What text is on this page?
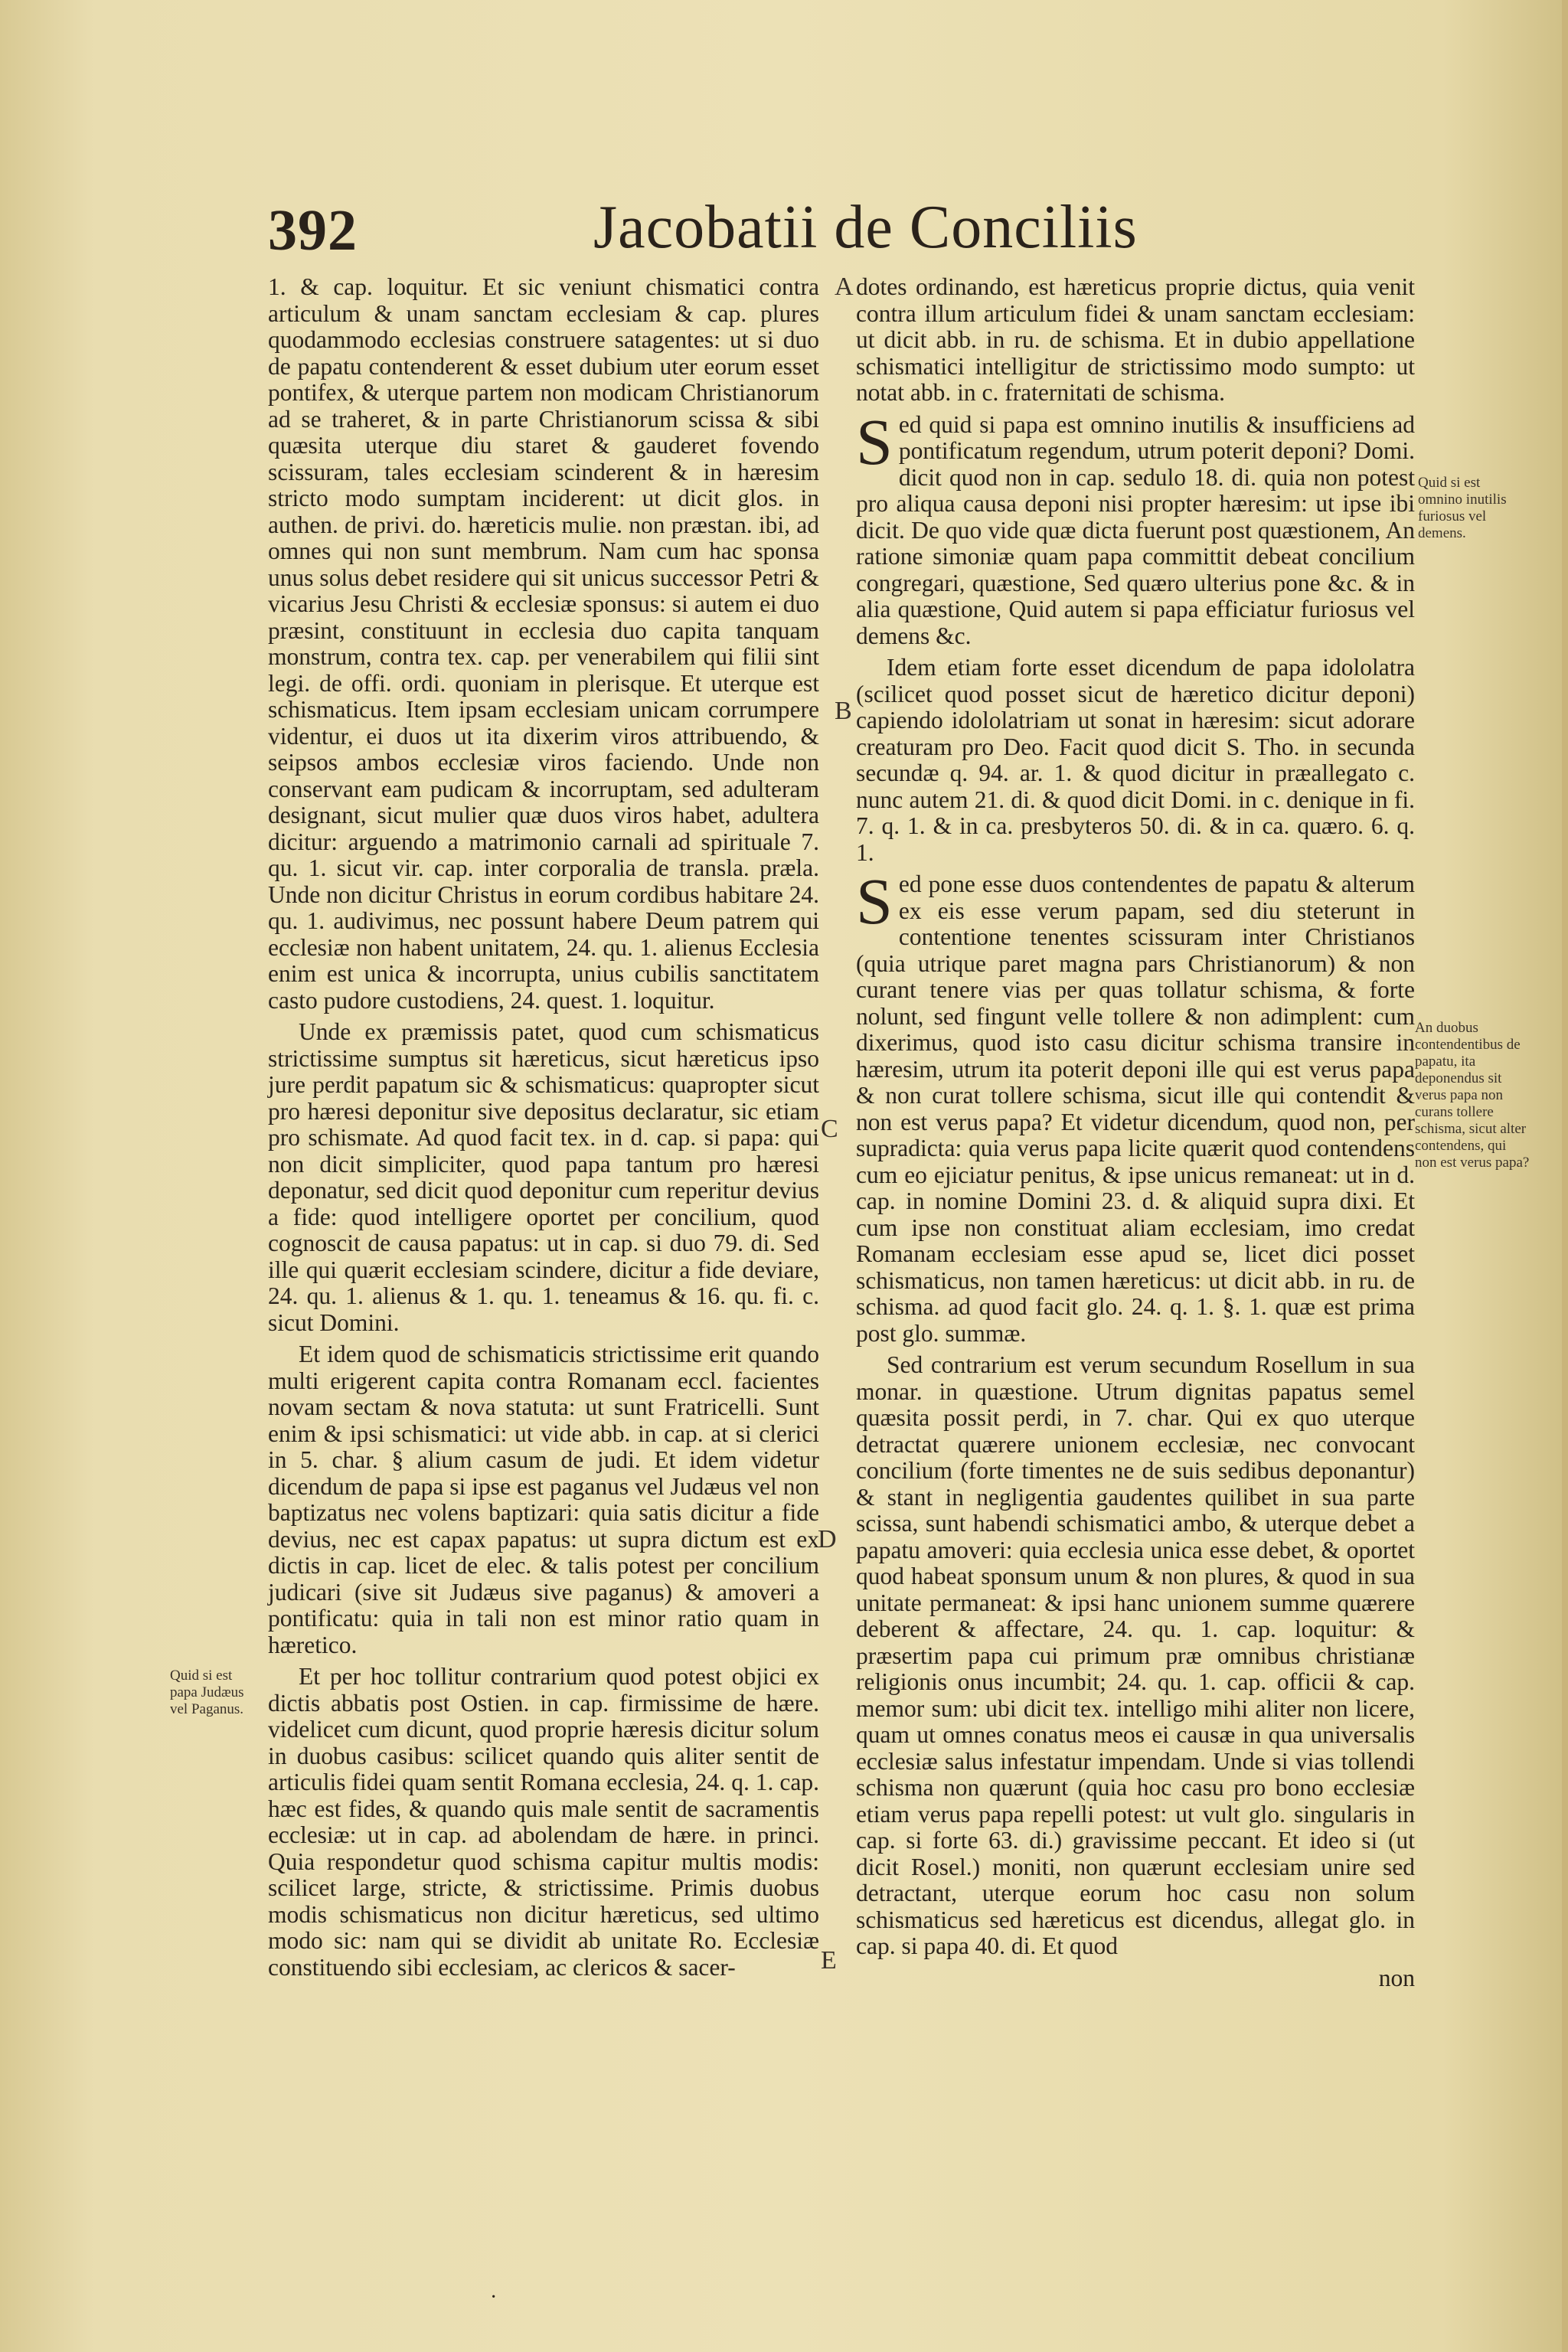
392	Jacobatii de Conciliis

1. & cap. loquitur. Et sic veniunt chismatici contra articulum & unam sanctam ecclesiam & cap. plures quodammodo ecclesias construere satagentes: ut si duo de papatu contenderent & esset dubium uter eorum esset pontifex, & uterque partem non modicam Christianorum ad se traheret, & in parte Christianorum scissa & sibi quæsita uterque diu staret & gauderet fovendo scissuram, tales ecclesiam scinderent & in hæresim stricto modo sumptam inciderent: ut dicit glos. in authen. de privi. do. hæreticis mulie. non præstan. ibi, ad omnes qui non sunt membrum. Nam cum hac sponsa unus solus debet residere qui sit unicus successor Petri & vicarius Jesu Christi & ecclesiæ sponsus: si autem ei duo præsint, constituunt in ecclesia duo capita tanquam monstrum, contra tex. cap. per venerabilem qui filii sint legi. de offi. ordi. quoniam in plerisque. Et uterque est schismaticus. Item ipsam ecclesiam unicam corrumpere videntur, ei duos ut ita dixerim viros attribuendo, & seipsos ambos ecclesiæ viros faciendo. Unde non conservant eam pudicam & incorruptam, sed adulteram designant, sicut mulier quæ duos viros habet, adultera dicitur: arguendo a matrimonio carnali ad spirituale 7. qu. 1. sicut vir. cap. inter corporalia de transla. præla. Unde non dicitur Christus in eorum cordibus habitare 24. qu. 1. audivimus, nec possunt habere Deum patrem qui ecclesiæ non habent unitatem, 24. qu. 1. alienus Ecclesia enim est unica & incorrupta, unius cubilis sanctitatem casto pudore custodiens, 24. quest. 1. loquitur.

Unde ex præmissis patet, quod cum schismaticus strictissime sumptus sit hæreticus, sicut hæreticus ipso jure perdit papatum sic & schismaticus: quapropter sicut pro hæresi deponitur sive depositus declaratur, sic etiam pro schismate. Ad quod facit tex. in d. cap. si papa: qui non dicit simpliciter, quod papa tantum pro hæresi deponatur, sed dicit quod deponitur cum reperitur devius a fide: quod intelligere oportet per concilium, quod cognoscit de causa papatus: ut in cap. si duo 79. di. Sed ille qui quærit ecclesiam scindere, dicitur a fide deviare, 24. qu. 1. alienus & 1. qu. 1. teneamus & 16. qu. fi. c. sicut Domini.

Et idem quod de schismaticis strictissime erit quando multi erigerent capita contra Romanam eccl. facientes novam sectam & nova statuta: ut sunt Fratricelli. Sunt enim & ipsi schismatici: ut vide abb. in cap. at si clerici in 5. char. § alium casum de judi. Et idem videtur dicendum de papa si ipse est paganus vel Judæus vel non baptizatus nec volens baptizari: quia satis dicitur a fide devius, nec est capax papatus: ut supra dictum est ex dictis in cap. licet de elec. & talis potest per concilium judicari (sive sit Judæus sive paganus) & amoveri a pontificatu: quia in tali non est minor ratio quam in hæretico.

Et per hoc tollitur contrarium quod potest objici ex dictis abbatis post Ostien. in cap. firmissime de hære. videlicet cum dicunt, quod proprie hæresis dicitur solum in duobus casibus: scilicet quando quis aliter sentit de articulis fidei quam sentit Romana ecclesia, 24. q. 1. cap. hæc est fides, & quando quis male sentit de sacramentis ecclesiæ: ut in cap. ad abolendam de hære. in princi. Quia respondetur quod schisma capitur multis modis: scilicet large, stricte, & strictissime. Primis duobus modis schismaticus non dicitur hæreticus, sed ultimo modo sic: nam qui se dividit ab unitate Ro. Ecclesiæ constituendo sibi ecclesiam, ac clericos & sacer-

dotes ordinando, est hæreticus proprie dictus, quia venit contra illum articulum fidei & unam sanctam ecclesiam: ut dicit abb. in ru. de schisma. Et in dubio appellatione schismatici intelligitur de strictissimo modo sumpto: ut notat abb. in c. fraternitati de schisma.

Sed quid si papa est omnino inutilis & insufficiens ad pontificatum regendum, utrum poterit deponi? Domi. dicit quod non in cap. sedulo 18. di. quia non potest pro aliqua causa deponi nisi propter hæresim: ut ipse ibi dicit. De quo vide quæ dicta fuerunt post quæstionem, An ratione simoniæ quam papa committit debeat concilium congregari, quæstione, Sed quæro ulterius pone &c. & in alia quæstione, Quid autem si papa efficiatur furiosus vel demens &c.

Idem etiam forte esset dicendum de papa idololatra (scilicet quod posset sicut de hæretico dicitur deponi) capiendo idololatriam ut sonat in hæresim: sicut adorare creaturam pro Deo. Facit quod dicit S. Tho. in secunda secundæ q. 94. ar. 1. & quod dicitur in præallegato c. nunc autem 21. di. & quod dicit Domi. in c. denique in fi. 7. q. 1. & in ca. presbyteros 50. di. & in ca. quæro. 6. q. 1.

Sed pone esse duos contendentes de papatu & alterum ex eis esse verum papam, sed diu steterunt in contentione tenentes scissuram inter Christianos (quia utrique paret magna pars Christianorum) & non curant tenere vias per quas tollatur schisma, & forte nolunt, sed fingunt velle tollere & non adimplent: cum dixerimus, quod isto casu dicitur schisma transire in hæresim, utrum ita poterit deponi ille qui est verus papa & non curat tollere schisma, sicut ille qui contendit & non est verus papa? Et videtur dicendum, quod non, per supradicta: quia verus papa licite quærit quod contendens cum eo ejiciatur penitus, & ipse unicus remaneat: ut in d. cap. in nomine Domini 23. d. & aliquid supra dixi. Et cum ipse non constituat aliam ecclesiam, imo credat Romanam ecclesiam esse apud se, licet dici posset schismaticus, non tamen hæreticus: ut dicit abb. in ru. de schisma. ad quod facit glo. 24. q. 1. §. 1. quæ est prima post glo. summæ.

Sed contrarium est verum secundum Rosellum in sua monar. in quæstione. Utrum dignitas papatus semel quæsita possit perdi, in 7. char. Qui ex quo uterque detractat quærere unionem ecclesiæ, nec convocant concilium (forte timentes ne de suis sedibus deponantur) & stant in negligentia gaudentes quilibet in sua parte scissa, sunt habendi schismatici ambo, & uterque debet a papatu amoveri: quia ecclesia unica esse debet, & oportet quod habeat sponsum unum & non plures, & quod in sua unitate permaneat: & ipsi hanc unionem summe quærere deberent & affectare, 24. qu. 1. cap. loquitur: & præsertim papa cui primum præ omnibus christianæ religionis onus incumbit; 24. qu. 1. cap. officii & cap. memor sum: ubi dicit tex. intelligo mihi aliter non licere, quam ut omnes conatus meos ei causæ in qua universalis ecclesiæ salus infestatur impendam. Unde si vias tollendi schisma non quærunt (quia hoc casu pro bono ecclesiæ etiam verus papa repelli potest: ut vult glo. singularis in cap. si forte 63. di.) gravissime peccant. Et ideo si (ut dicit Rosel.) moniti, non quærunt ecclesiam unire sed detractant, uterque eorum hoc casu non solum schismaticus sed hæreticus est dicendus, allegat glo. in cap. si papa 40. di. Et quod

non

Quid si est papa Judæus vel Paganus.
Quid si est omnino inutilis furiosus vel demens.
An duobus contendentibus de papatu, ita deponendus sit verus papa non curans tollere schisma, sicut alter contendens, qui non est verus papa?
A
B
C
D
E
·
